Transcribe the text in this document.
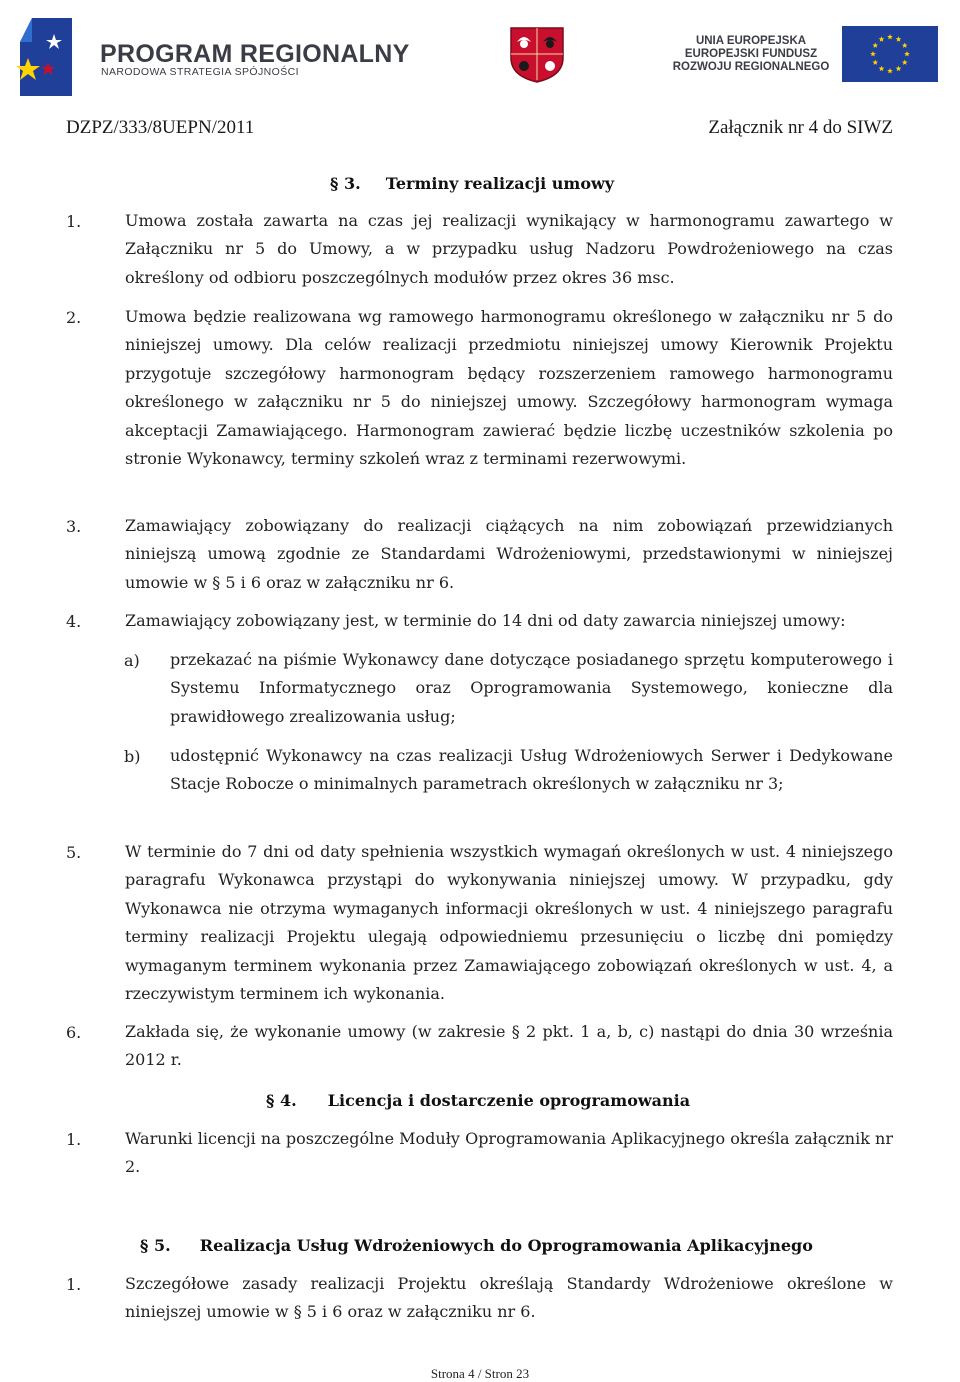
PROGRAM REGIONALNY
NARODOWA STRATEGIA SPÓJNOŚCI
UNIA EUROPEJSKA
EUROPEJSKI FUNDUSZ
ROZWOJU REGIONALNEGO
DZPZ/333/8UEPN/2011	Załącznik nr 4 do SIWZ
§ 3. Terminy realizacji umowy
1.	Umowa została zawarta na czas jej realizacji wynikający w harmonogramu zawartego w Załączniku nr 5 do Umowy, a w przypadku usług Nadzoru Powdrożeniowego na czas określony od odbioru poszczególnych modułów przez okres 36 msc.
2.	Umowa będzie realizowana wg ramowego harmonogramu określonego w załączniku nr 5 do niniejszej umowy. Dla celów realizacji przedmiotu niniejszej umowy Kierownik Projektu przygotuje szczegółowy harmonogram będący rozszerzeniem ramowego harmonogramu określonego w załączniku nr 5 do niniejszej umowy. Szczegółowy harmonogram wymaga akceptacji Zamawiającego. Harmonogram zawierać będzie liczbę uczestników szkolenia po stronie Wykonawcy, terminy szkoleń wraz z terminami rezerwowymi.
3.	Zamawiający zobowiązany do realizacji ciążących na nim zobowiązań przewidzianych niniejszą umową zgodnie ze Standardami Wdrożeniowymi, przedstawionymi w niniejszej umowie w § 5 i 6 oraz w załączniku nr 6.
4.	Zamawiający zobowiązany jest, w terminie do 14 dni od daty zawarcia niniejszej umowy:
a) przekazać na piśmie Wykonawcy dane dotyczące posiadanego sprzętu komputerowego i Systemu Informatycznego oraz Oprogramowania Systemowego, konieczne dla prawidłowego zrealizowania usług;
b) udostępnić Wykonawcy na czas realizacji Usług Wdrożeniowych Serwer i Dedykowane Stacje Robocze o minimalnych parametrach określonych w załączniku nr 3;
5.	W terminie do 7 dni od daty spełnienia wszystkich wymagań określonych w ust. 4 niniejszego paragrafu Wykonawca przystąpi do wykonywania niniejszej umowy. W przypadku, gdy Wykonawca nie otrzyma wymaganych informacji określonych w ust. 4 niniejszego paragrafu terminy realizacji Projektu ulegają odpowiedniemu przesunięciu o liczbę dni pomiędzy wymaganym terminem wykonania przez Zamawiającego zobowiązań określonych w ust. 4, a rzeczywistym terminem ich wykonania.
6.	Zakłada się, że wykonanie umowy (w zakresie § 2 pkt. 1 a, b, c) nastąpi do dnia 30 września 2012 r.
§ 4. Licencja i dostarczenie oprogramowania
1.	Warunki licencji na poszczególne Moduły Oprogramowania Aplikacyjnego określa załącznik nr 2.
§ 5. Realizacja Usług Wdrożeniowych do Oprogramowania Aplikacyjnego
1.	Szczegółowe zasady realizacji Projektu określają Standardy Wdrożeniowe określone w niniejszej umowie w § 5 i 6 oraz w załączniku nr 6.
Strona 4 / Stron 23
